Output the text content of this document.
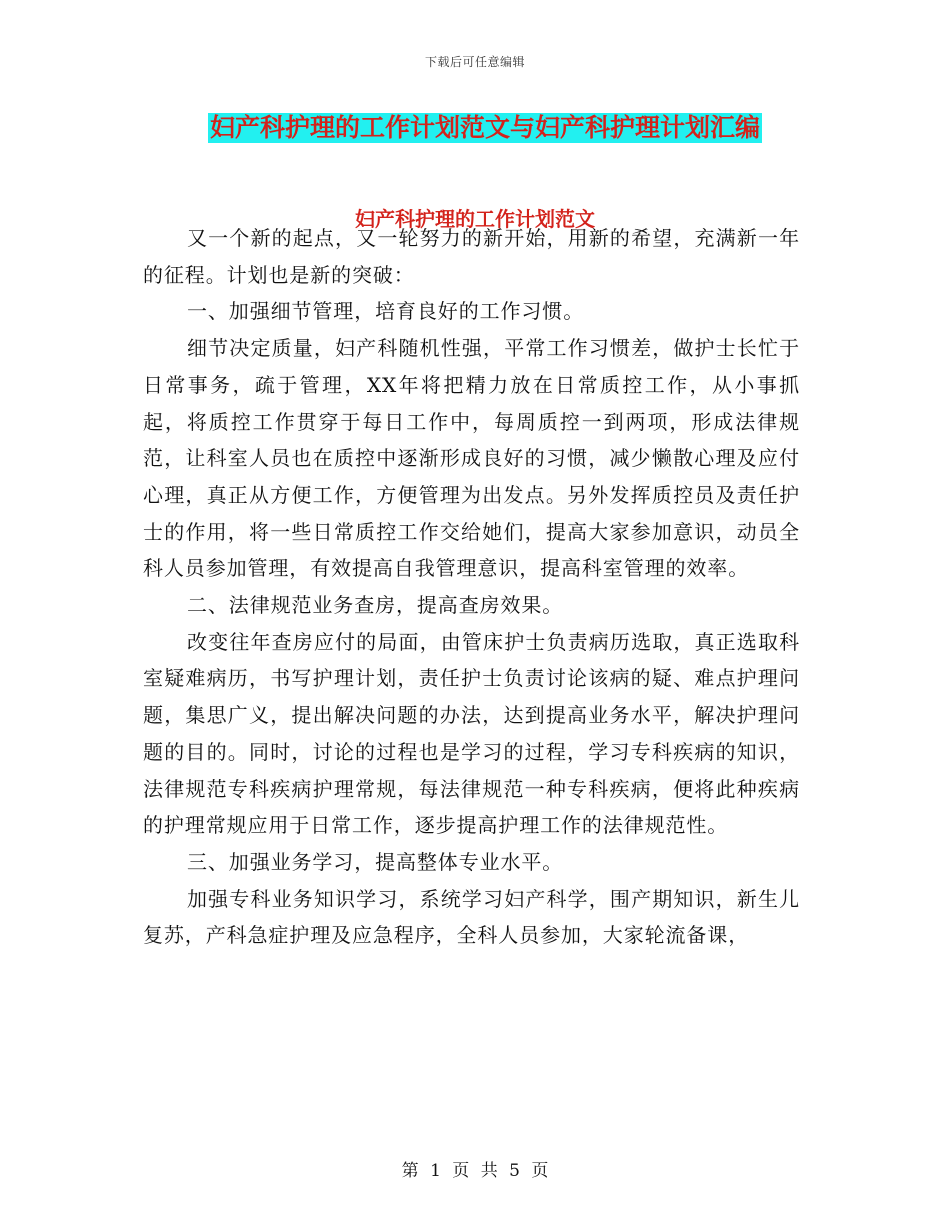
下载后可任意编辑
妇产科护理的工作计划范文与妇产科护理计划汇编
妇产科护理的工作计划范文

又一个新的起点，又一轮努力的新开始，用新的希望，充满新一年的征程。计划也是新的突破：

一、加强细节管理，培育良好的工作习惯。

细节决定质量，妇产科随机性强，平常工作习惯差，做护士长忙于日常事务，疏于管理，XX年将把精力放在日常质控工作，从小事抓起，将质控工作贯穿于每日工作中，每周质控一到两项，形成法律规范，让科室人员也在质控中逐渐形成良好的习惯，减少懒散心理及应付心理，真正从方便工作，方便管理为出发点。另外发挥质控员及责任护士的作用，将一些日常质控工作交给她们，提高大家参加意识，动员全科人员参加管理，有效提高自我管理意识，提高科室管理的效率。

二、法律规范业务查房，提高查房效果。

改变往年查房应付的局面，由管床护士负责病历选取，真正选取科室疑难病历，书写护理计划，责任护士负责讨论该病的疑、难点护理问题，集思广义，提出解决问题的办法，达到提高业务水平，解决护理问题的目的。同时，讨论的过程也是学习的过程，学习专科疾病的知识，法律规范专科疾病护理常规，每法律规范一种专科疾病，便将此种疾病的护理常规应用于日常工作，逐步提高护理工作的法律规范性。

三、加强业务学习，提高整体专业水平。

加强专科业务知识学习，系统学习妇产科学，围产期知识，新生儿复苏，产科急症护理及应急程序，全科人员参加，大家轮流备课，

第 1 页 共 5 页
